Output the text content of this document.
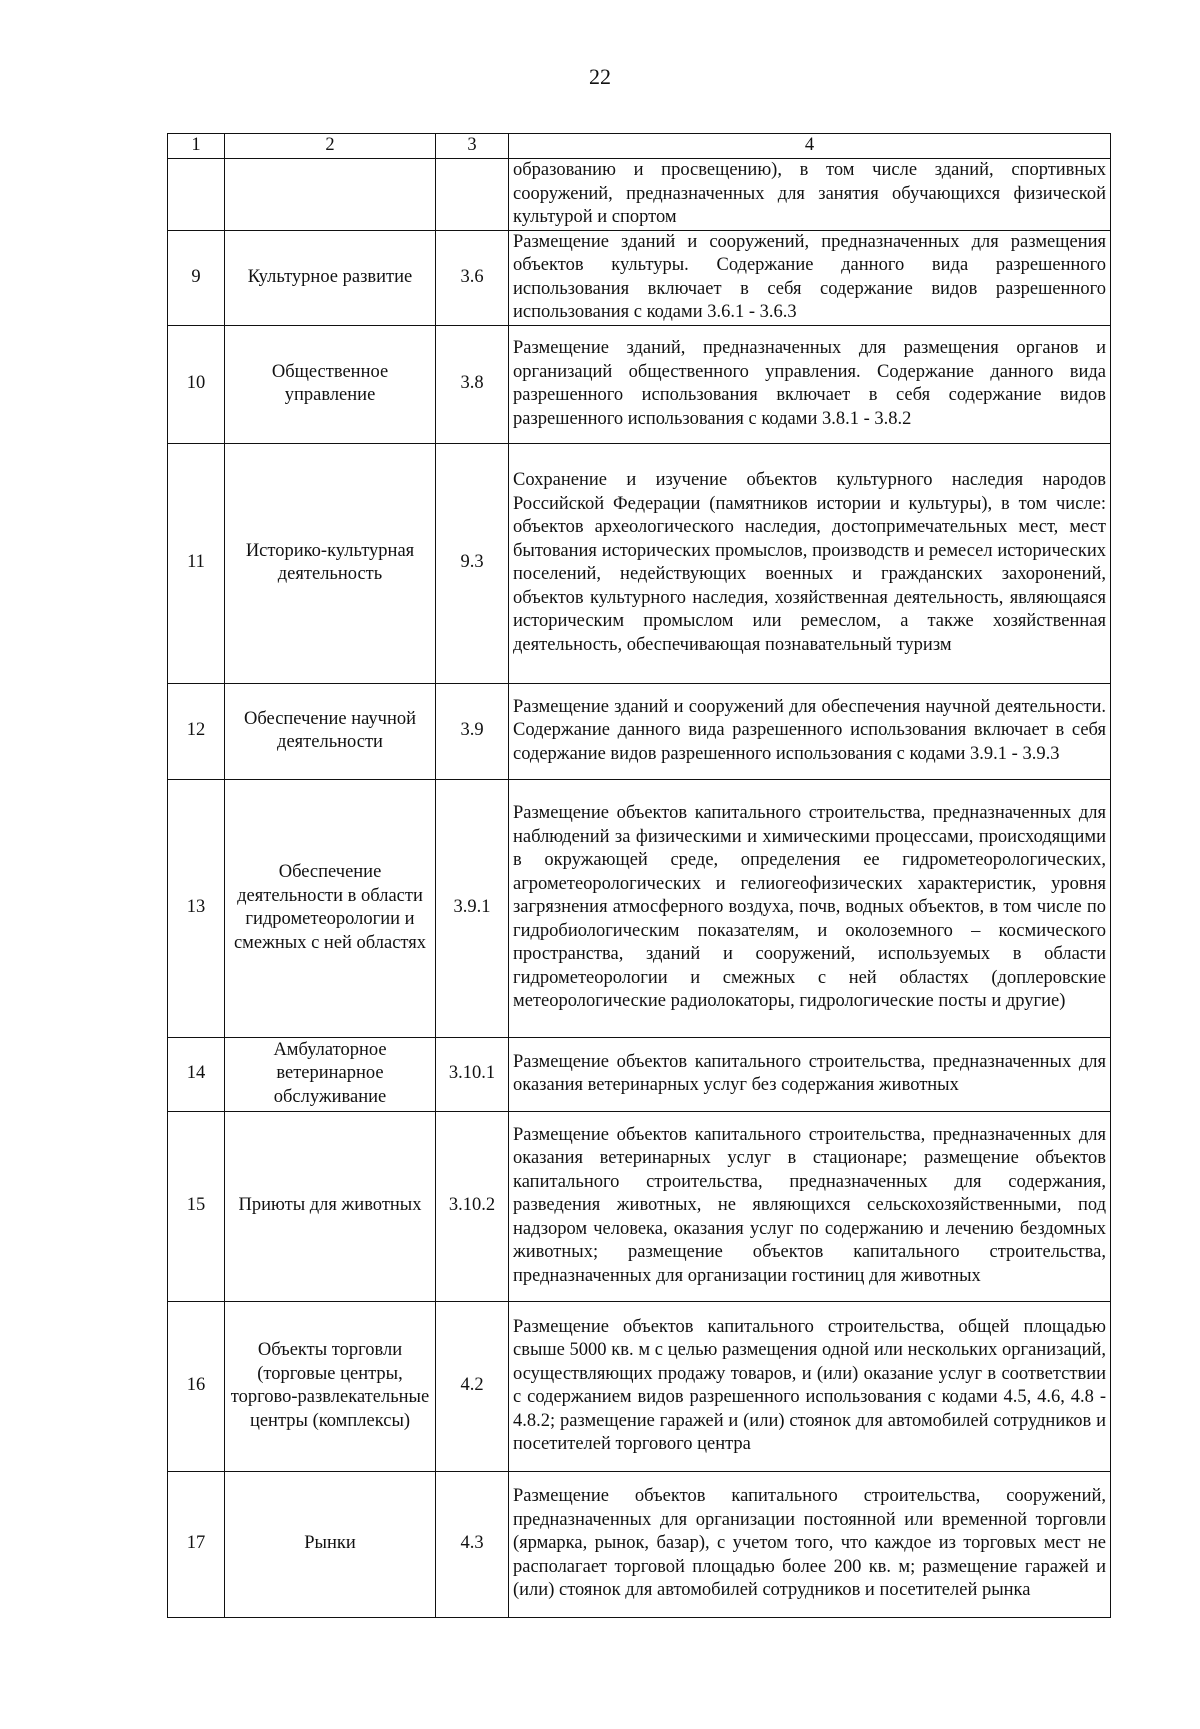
22
1	2	3	4
			образованию и просвещению), в том числе зданий, спортивных сооружений, предназначенных для занятия обучающихся физической культурой и спортом
9	Культурное развитие	3.6	Размещение зданий и сооружений, предназначенных для размещения объектов культуры. Содержание данного вида разрешенного использования включает в себя содержание видов разрешенного использования с кодами 3.6.1 - 3.6.3
10	Общественное управление	3.8	Размещение зданий, предназначенных для размещения органов и организаций общественного управления. Содержание данного вида разрешенного использования включает в себя содержание видов разрешенного использования с кодами 3.8.1 - 3.8.2
11	Историко-культурная деятельность	9.3	Сохранение и изучение объектов культурного наследия народов Российской Федерации (памятников истории и культуры), в том числе: объектов археологического наследия, достопримечательных мест, мест бытования исторических промыслов, производств и ремесел исторических поселений, недействующих военных и гражданских захоронений, объектов культурного наследия, хозяйственная деятельность, являющаяся историческим промыслом или ремеслом, а также хозяйственная деятельность, обеспечивающая познавательный туризм
12	Обеспечение научной деятельности	3.9	Размещение зданий и сооружений для обеспечения научной деятельности. Содержание данного вида разрешенного использования включает в себя содержание видов разрешенного использования с кодами 3.9.1 - 3.9.3
13	Обеспечение деятельности в области гидрометеорологии и смежных с ней областях	3.9.1	Размещение объектов капитального строительства, предназначенных для наблюдений за физическими и химическими процессами, происходящими в окружающей среде, определения ее гидрометеорологических, агрометеорологических и гелиогеофизических характеристик, уровня загрязнения атмосферного воздуха, почв, водных объектов, в том числе по гидробиологическим показателям, и околоземного – космического пространства, зданий и сооружений, используемых в области гидрометеорологии и смежных с ней областях (доплеровские метеорологические радиолокаторы, гидрологические посты и другие)
14	Амбулаторное ветеринарное обслуживание	3.10.1	Размещение объектов капитального строительства, предназначенных для оказания ветеринарных услуг без содержания животных
15	Приюты для животных	3.10.2	Размещение объектов капитального строительства, предназначенных для оказания ветеринарных услуг в стационаре; размещение объектов капитального строительства, предназначенных для содержания, разведения животных, не являющихся сельскохозяйственными, под надзором человека, оказания услуг по содержанию и лечению бездомных животных; размещение объектов капитального строительства, предназначенных для организации гостиниц для животных
16	Объекты торговли (торговые центры, торгово-развлекательные центры (комплексы)	4.2	Размещение объектов капитального строительства, общей площадью свыше 5000 кв. м с целью размещения одной или нескольких организаций, осуществляющих продажу товаров, и (или) оказание услуг в соответствии с содержанием видов разрешенного использования с кодами 4.5, 4.6, 4.8 - 4.8.2; размещение гаражей и (или) стоянок для автомобилей сотрудников и посетителей торгового центра
17	Рынки	4.3	Размещение объектов капитального строительства, сооружений, предназначенных для организации постоянной или временной торговли (ярмарка, рынок, базар), с учетом того, что каждое из торговых мест не располагает торговой площадью более 200 кв. м; размещение гаражей и (или) стоянок для автомобилей сотрудников и посетителей рынка
